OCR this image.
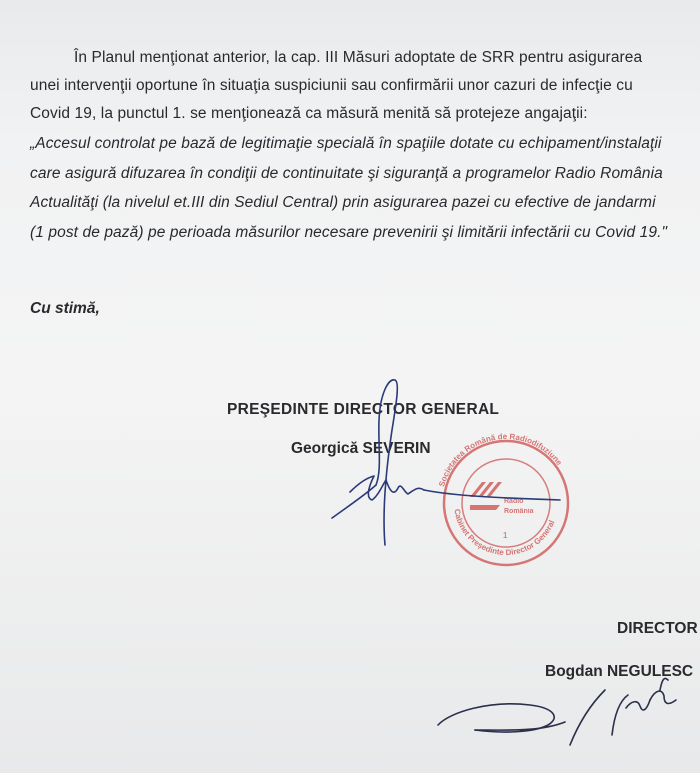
În Planul menţionat anterior, la cap. III Măsuri adoptate de SRR pentru asigurarea
unei intervenţii oportune în situaţia suspiciunii sau confirmării unor cazuri de infecţie cu
Covid 19, la punctul 1. se menţionează ca măsură menită să protejeze angajaţii:
„Accesul controlat pe bază de legitimaţie specială în spaţiile dotate cu echipament/instalaţii
care asigură difuzarea în condiţii de continuitate şi siguranţă a programelor Radio România
Actualităţi (la nivelul et.III din Sediul Central) prin asigurarea pazei cu efective de jandarmi
(1 post de pază) pe perioada măsurilor necesare prevenirii şi limitării infectării cu Covid 19."
Cu stimă,
PREŞEDINTE DIRECTOR GENERAL
Georgică SEVERIN
DIRECTOR
Bogdan NEGULESC
Societatea Română de Radiodifuziune
Cabinet Președinte Director General
Radio
România
1
